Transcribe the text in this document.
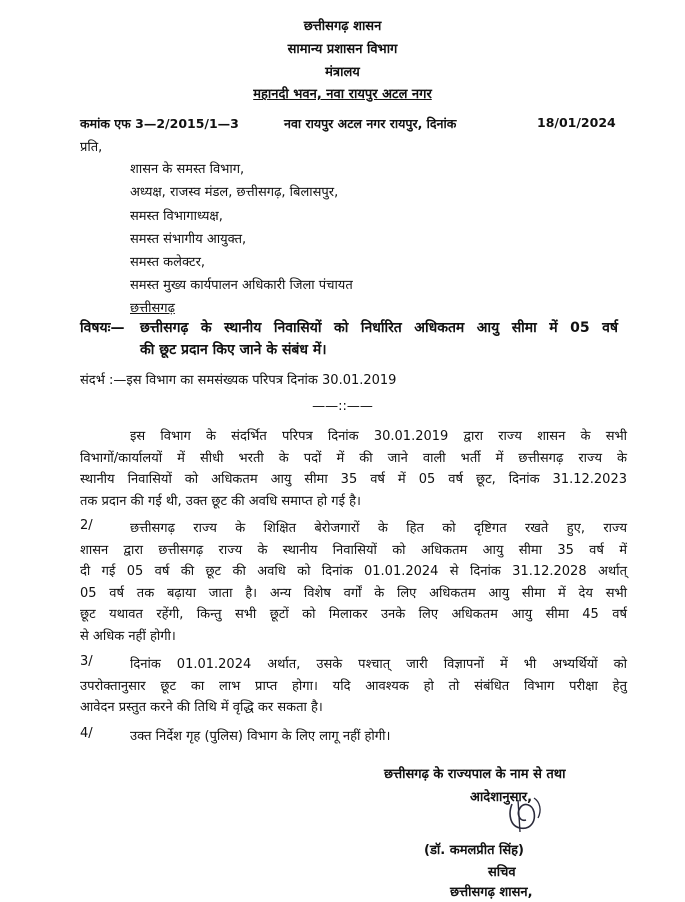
छत्तीसगढ़ शासन
सामान्य प्रशासन विभाग
मंत्रालय
महानदी भवन, नवा रायपुर अटल नगर
कमांक एफ 3—2/2015/1—3	नवा रायपुर अटल नगर रायपुर, दिनांक	18/01/2024
प्रति,
शासन के समस्त विभाग,
अध्यक्ष, राजस्व मंडल, छत्तीसगढ़, बिलासपुर,
समस्त विभागाध्यक्ष,
समस्त संभागीय आयुक्त,
समस्त कलेक्टर,
समस्त मुख्य कार्यपालन अधिकारी जिला पंचायत
छत्तीसगढ़
विषयः— छत्तीसगढ़ के स्थानीय निवासियों को निर्धारित अधिकतम आयु सीमा में 05 वर्ष
की छूट प्रदान किए जाने के संबंध में।
संदर्भ :—इस विभाग का समसंख्यक परिपत्र दिनांक 30.01.2019
——::——
इस विभाग के संदर्भित परिपत्र दिनांक 30.01.2019 द्वारा राज्य शासन के सभी
विभागों/कार्यालयों में सीधी भरती के पदों में की जाने वाली भर्ती में छत्तीसगढ़ राज्य के
स्थानीय निवासियों को अधिकतम आयु सीमा 35 वर्ष में 05 वर्ष छूट, दिनांक 31.12.2023
तक प्रदान की गई थी, उक्त छूट की अवधि समाप्त हो गई है।
2/	छत्तीसगढ़ राज्य के शिक्षित बेरोजगारों के हित को दृष्टिगत रखते हुए, राज्य
शासन द्वारा छत्तीसगढ़ राज्य के स्थानीय निवासियों को अधिकतम आयु सीमा 35 वर्ष में
दी गई 05 वर्ष की छूट की अवधि को दिनांक 01.01.2024 से दिनांक 31.12.2028 अर्थात्
05 वर्ष तक बढ़ाया जाता है। अन्य विशेष वर्गों के लिए अधिकतम आयु सीमा में देय सभी
छूट यथावत रहेंगी, किन्तु सभी छूटों को मिलाकर उनके लिए अधिकतम आयु सीमा 45 वर्ष
से अधिक नहीं होगी।
3/	दिनांक 01.01.2024 अर्थात, उसके पश्चात् जारी विज्ञापनों में भी अभ्यर्थियों को
उपरोक्तानुसार छूट का लाभ प्राप्त होगा। यदि आवश्यक हो तो संबंधित विभाग परीक्षा हेतु
आवेदन प्रस्तुत करने की तिथि में वृद्धि कर सकता है।
4/	उक्त निर्देश गृह (पुलिस) विभाग के लिए लागू नहीं होगी।
छत्तीसगढ़ के राज्यपाल के नाम से तथा
आदेशानुसार,
(डॉ. कमलप्रीत सिंह)
सचिव
छत्तीसगढ़ शासन,
